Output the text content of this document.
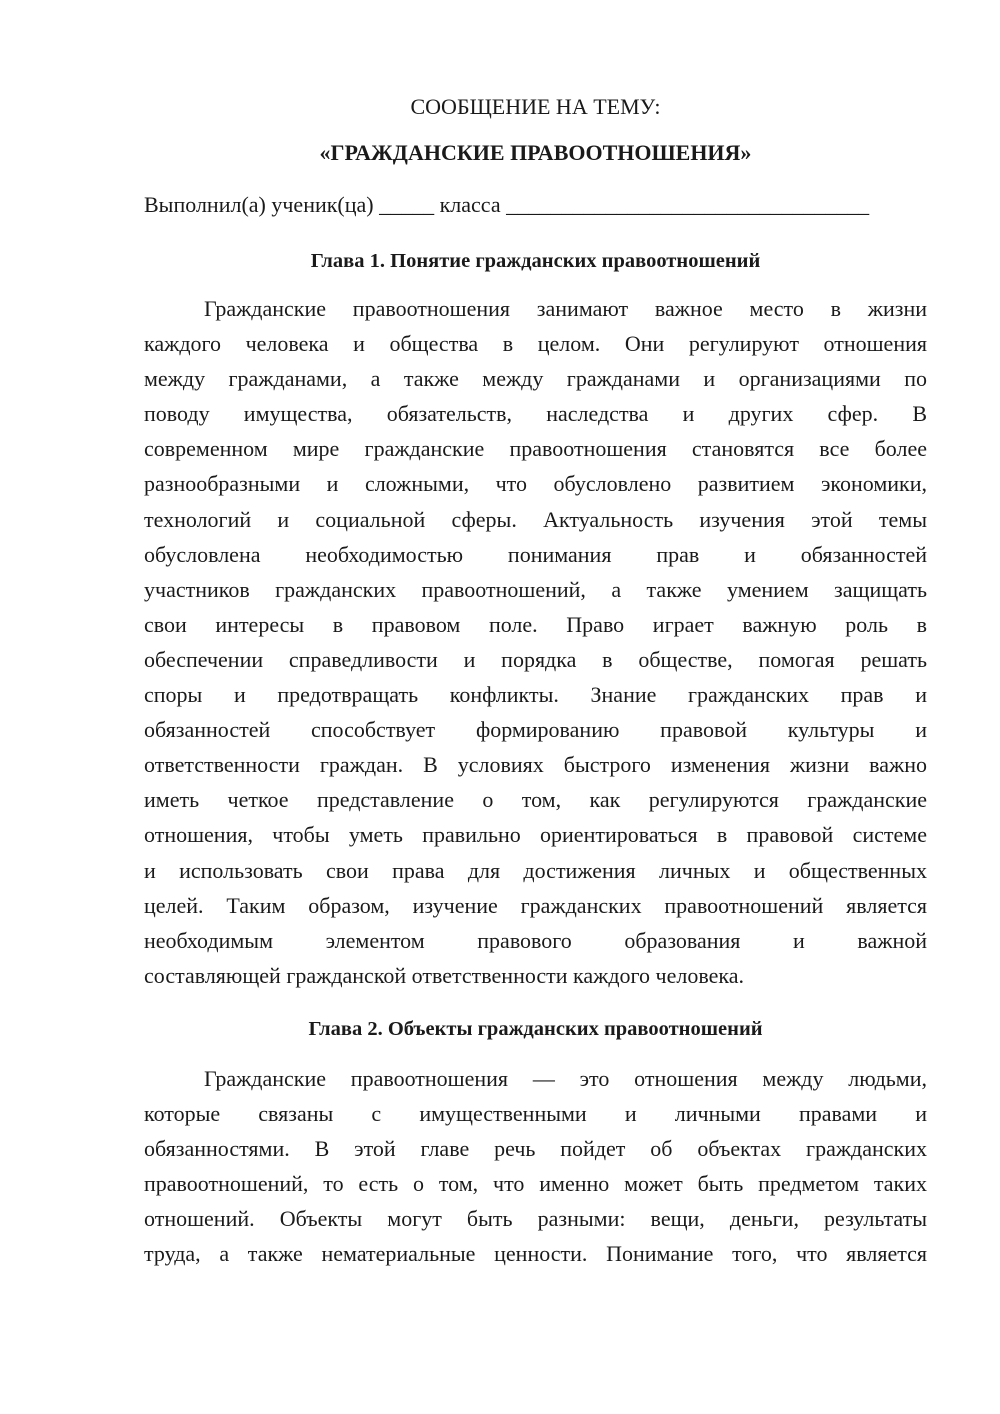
СООБЩЕНИЕ НА ТЕМУ:
«ГРАЖДАНСКИЕ ПРАВООТНОШЕНИЯ»
Выполнил(а) ученик(ца) _____ класса _________________________________
Глава 1. Понятие гражданских правоотношений
Гражданские правоотношения занимают важное место в жизни
каждого человека и общества в целом. Они регулируют отношения
между гражданами, а также между гражданами и организациями по
поводу имущества, обязательств, наследства и других сфер. В
современном мире гражданские правоотношения становятся все более
разнообразными и сложными, что обусловлено развитием экономики,
технологий и социальной сферы. Актуальность изучения этой темы
обусловлена необходимостью понимания прав и обязанностей
участников гражданских правоотношений, а также умением защищать
свои интересы в правовом поле. Право играет важную роль в
обеспечении справедливости и порядка в обществе, помогая решать
споры и предотвращать конфликты. Знание гражданских прав и
обязанностей способствует формированию правовой культуры и
ответственности граждан. В условиях быстрого изменения жизни важно
иметь четкое представление о том, как регулируются гражданские
отношения, чтобы уметь правильно ориентироваться в правовой системе
и использовать свои права для достижения личных и общественных
целей. Таким образом, изучение гражданских правоотношений является
необходимым элементом правового образования и важной
составляющей гражданской ответственности каждого человека.
Глава 2. Объекты гражданских правоотношений
Гражданские правоотношения — это отношения между людьми,
которые связаны с имущественными и личными правами и
обязанностями. В этой главе речь пойдет об объектах гражданских
правоотношений, то есть о том, что именно может быть предметом таких
отношений. Объекты могут быть разными: вещи, деньги, результаты
труда, а также нематериальные ценности. Понимание того, что является
